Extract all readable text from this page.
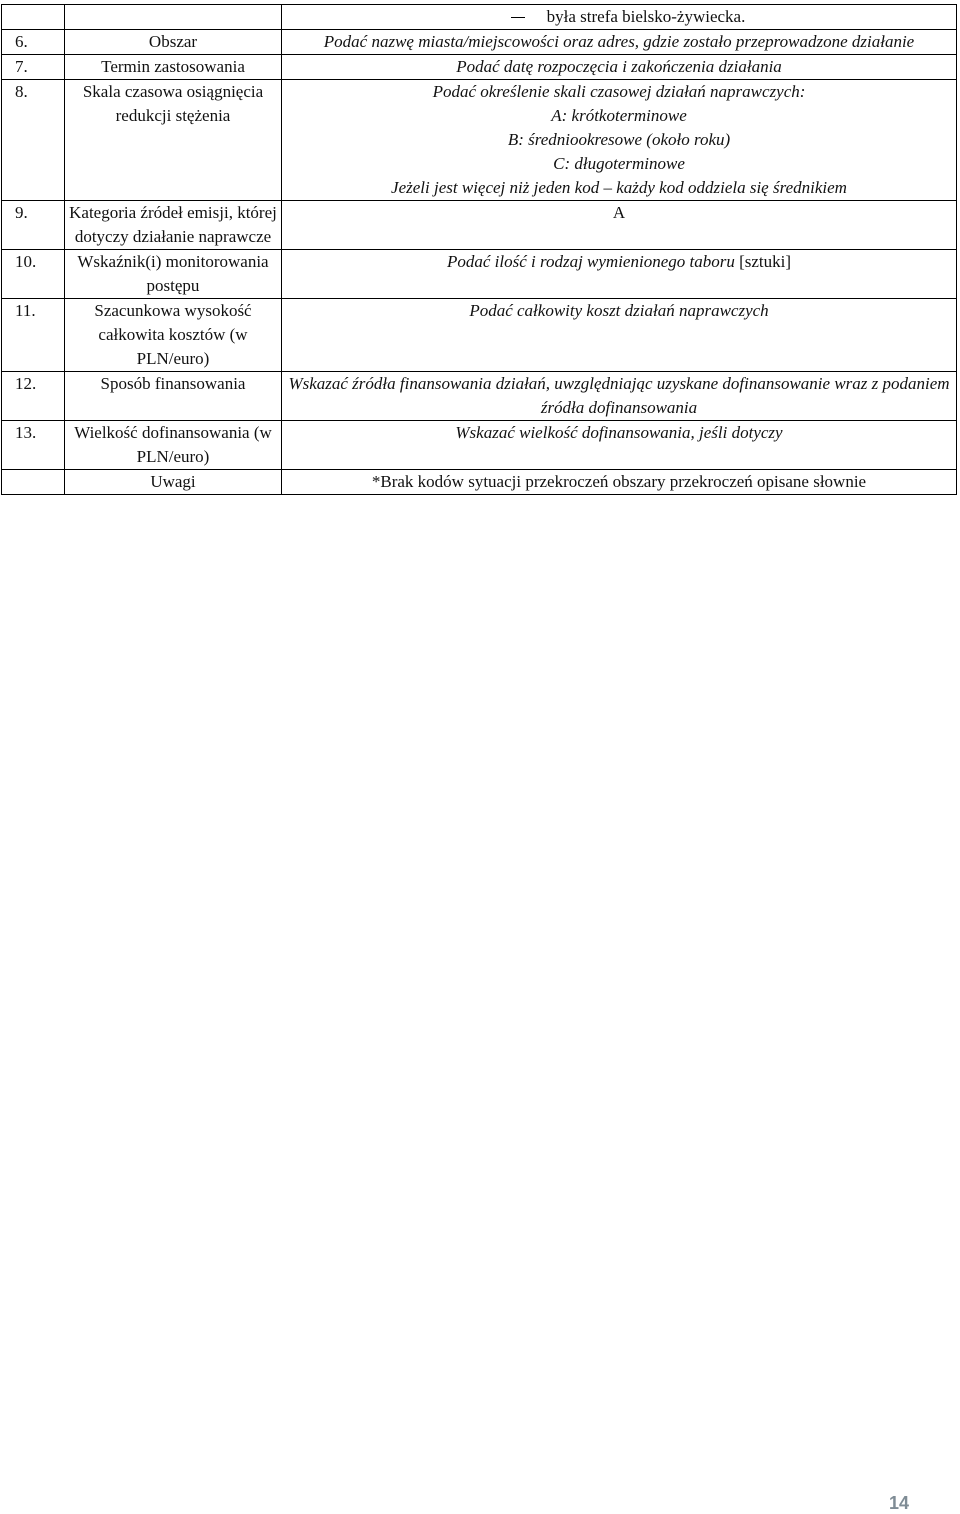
		była strefa bielsko-żywiecka.
6.	Obszar	Podać nazwę miasta/miejscowości oraz adres, gdzie zostało przeprowadzone działanie
7.	Termin zastosowania	Podać datę rozpoczęcia i zakończenia działania
8.	Skala czasowa osiągnięcia redukcji stężenia	Podać określenie skali czasowej działań naprawczych:
A: krótkoterminowe
B: średniookresowe (około roku)
C: długoterminowe
Jeżeli jest więcej niż jeden kod – każdy kod oddziela się średnikiem

9.	Kategoria źródeł emisji, której dotyczy działanie naprawcze	A
10.	Wskaźnik(i) monitorowania postępu	Podać ilość i rodzaj wymienionego taboru [sztuki]
11.	Szacunkowa wysokość całkowita kosztów (w PLN/euro)	Podać całkowity koszt działań naprawczych
12.	Sposób finansowania	Wskazać źródła finansowania działań, uwzględniając uzyskane dofinansowanie wraz z podaniem źródła dofinansowania
13.	Wielkość dofinansowania (w PLN/euro)	Wskazać wielkość dofinansowania, jeśli dotyczy
	Uwagi	*Brak kodów sytuacji przekroczeń obszary przekroczeń opisane słownie
14
